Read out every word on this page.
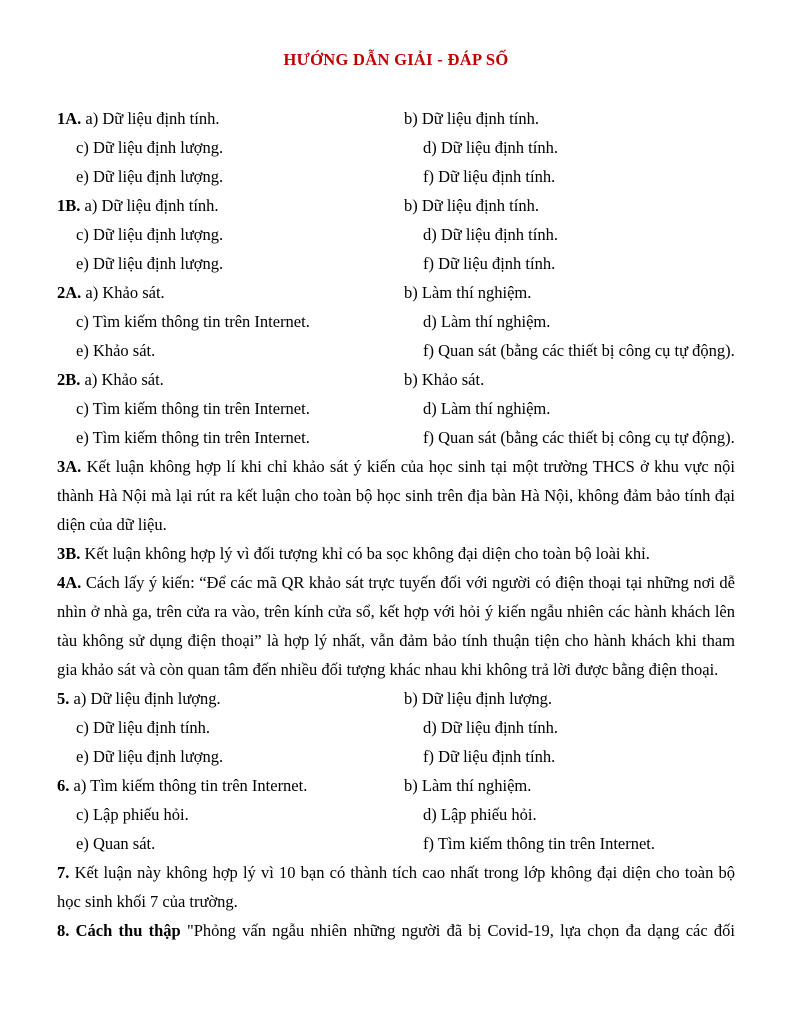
HƯỚNG DẪN GIẢI - ĐÁP SỐ
1A. a) Dữ liệu định tính.	b) Dữ liệu định tính.
c) Dữ liệu định lượng.	d) Dữ liệu định tính.
e) Dữ liệu định lượng.	f) Dữ liệu định tính.
1B. a) Dữ liệu định tính.	b) Dữ liệu định tính.
c) Dữ liệu định lượng.	d) Dữ liệu định tính.
e) Dữ liệu định lượng.	f) Dữ liệu định tính.
2A. a) Khảo sát.	b) Làm thí nghiệm.
c) Tìm kiếm thông tin trên Internet.	d) Làm thí nghiệm.
e) Khảo sát.	f) Quan sát (bằng các thiết bị công cụ tự động).
2B. a) Khảo sát.	b) Khảo sát.
c) Tìm kiếm thông tin trên Internet.	d) Làm thí nghiệm.
e) Tìm kiếm thông tin trên Internet.	f) Quan sát (bằng các thiết bị công cụ tự động).

3A. Kết luận không hợp lí khi chỉ khảo sát ý kiến của học sinh tại một trường THCS ở khu vực nội thành Hà Nội mà lại rút ra kết luận cho toàn bộ học sinh trên địa bàn Hà Nội, không đảm bảo tính đại diện của dữ liệu.

3B. Kết luận không hợp lý vì đối tượng khỉ có ba sọc không đại diện cho toàn bộ loài khỉ.

4A. Cách lấy ý kiến: “Để các mã QR khảo sát trực tuyến đối với người có điện thoại tại những nơi dễ nhìn ở nhà ga, trên cửa ra vào, trên kính cửa sổ, kết hợp với hỏi ý kiến ngẫu nhiên các hành khách lên tàu không sử dụng điện thoại” là hợp lý nhất, vẫn đảm bảo tính thuận tiện cho hành khách khi tham gia khảo sát và còn quan tâm đến nhiều đối tượng khác nhau khi không trả lời được bằng điện thoại.

5. a) Dữ liệu định lượng.	b) Dữ liệu định lượng.
c) Dữ liệu định tính.	d) Dữ liệu định tính.
e) Dữ liệu định lượng.	f) Dữ liệu định tính.
6. a) Tìm kiếm thông tin trên Internet.	b) Làm thí nghiệm.
c) Lập phiếu hỏi.	d) Lập phiếu hỏi.
e) Quan sát.	f) Tìm kiếm thông tin trên Internet.

7. Kết luận này không hợp lý vì 10 bạn có thành tích cao nhất trong lớp không đại diện cho toàn bộ học sinh khối 7 của trường.

8. Cách thu thập "Phỏng vấn ngẫu nhiên những người đã bị Covid-19, lựa chọn đa dạng các đối
